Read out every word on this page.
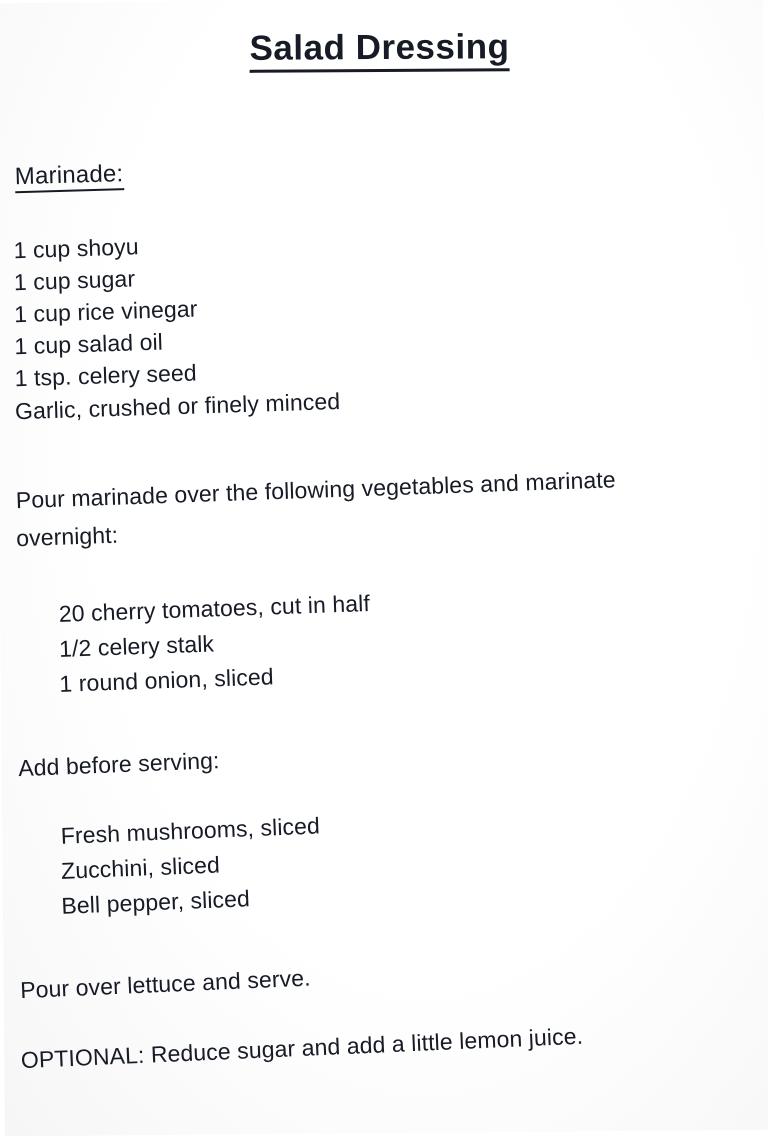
Salad Dressing
Marinade:
1 cup shoyu
1 cup sugar
1 cup rice vinegar
1 cup salad oil
1 tsp. celery seed
Garlic, crushed or finely minced
Pour marinade over the following vegetables and marinate
overnight:
20 cherry tomatoes, cut in half
1/2 celery stalk
1 round onion, sliced
Add before serving:
Fresh mushrooms, sliced
Zucchini, sliced
Bell pepper, sliced
Pour over lettuce and serve.
OPTIONAL: Reduce sugar and add a little lemon juice.
